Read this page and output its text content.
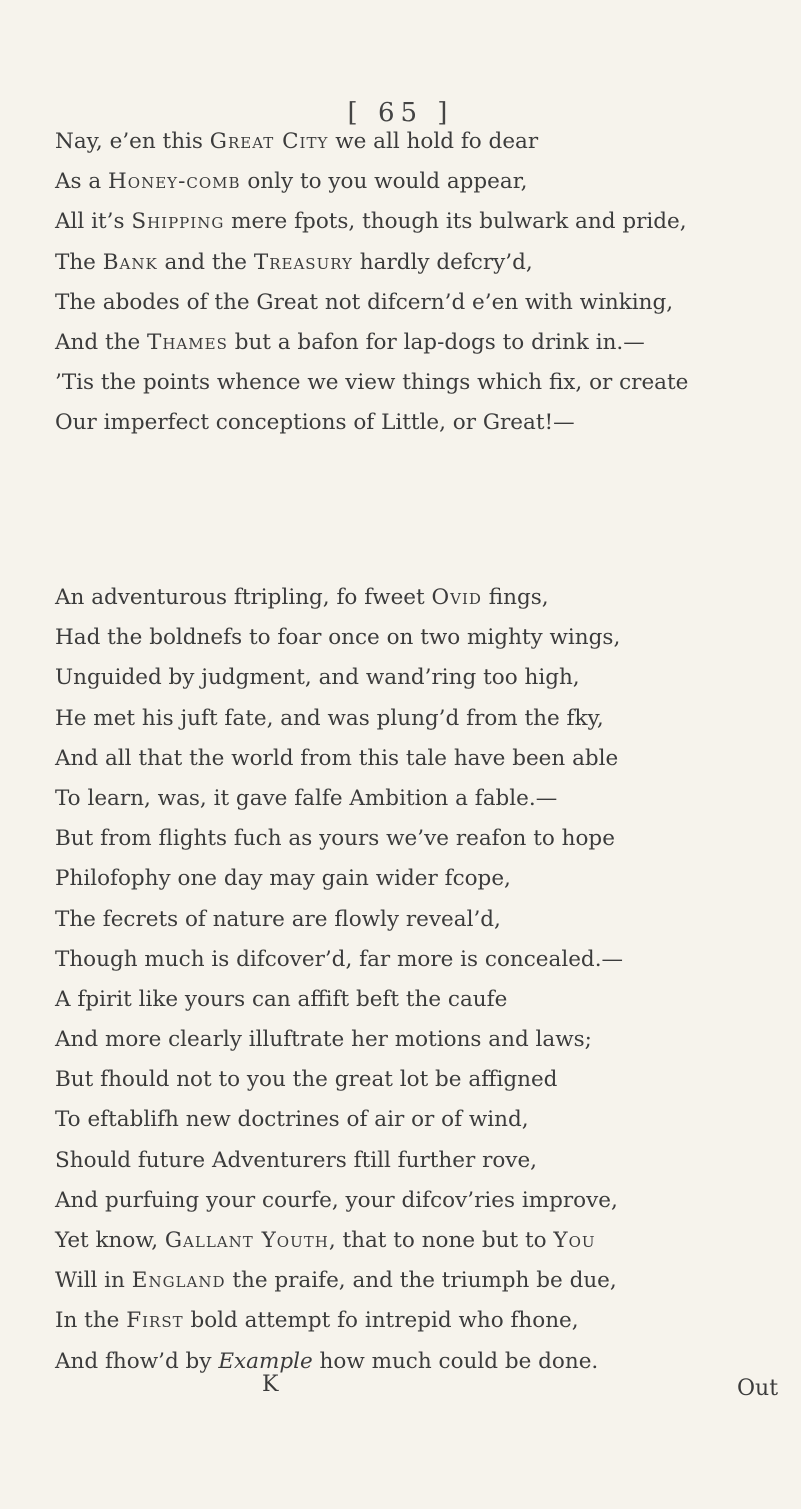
[ 65 ]
Nay, e’en this Great City we all hold fo dear
As a Honey-comb only to you would appear,
All it’s Shipping mere fpots, though its bulwark and pride,
The Bank and the Treasury hardly defcry’d,
The abodes of the Great not difcern’d e’en with winking,
And the Thames but a bafon for lap-dogs to drink in.—
’Tis the points whence we view things which fix, or create
Our imperfect conceptions of Little, or Great!—
An adventurous ftripling, fo fweet Ovid fings,
Had the boldnefs to foar once on two mighty wings,
Unguided by judgment, and wand’ring too high,
He met his juft fate, and was plung’d from the fky,
And all that the world from this tale have been able
To learn, was, it gave falfe Ambition a fable.—
But from flights fuch as yours we’ve reafon to hope
Philofophy one day may gain wider fcope,
The fecrets of nature are flowly reveal’d,
Though much is difcover’d, far more is concealed.—
A fpirit like yours can affift beft the caufe
And more clearly illuftrate her motions and laws;
But fhould not to you the great lot be affigned
To eftablifh new doctrines of air or of wind,
Should future Adventurers ftill further rove,
And purfuing your courfe, your difcov’ries improve,
Yet know, Gallant Youth, that to none but to You
Will in England the praife, and the triumph be due,
In the First bold attempt fo intrepid who fhone,
And fhow’d by Example how much could be done.
K	Out
